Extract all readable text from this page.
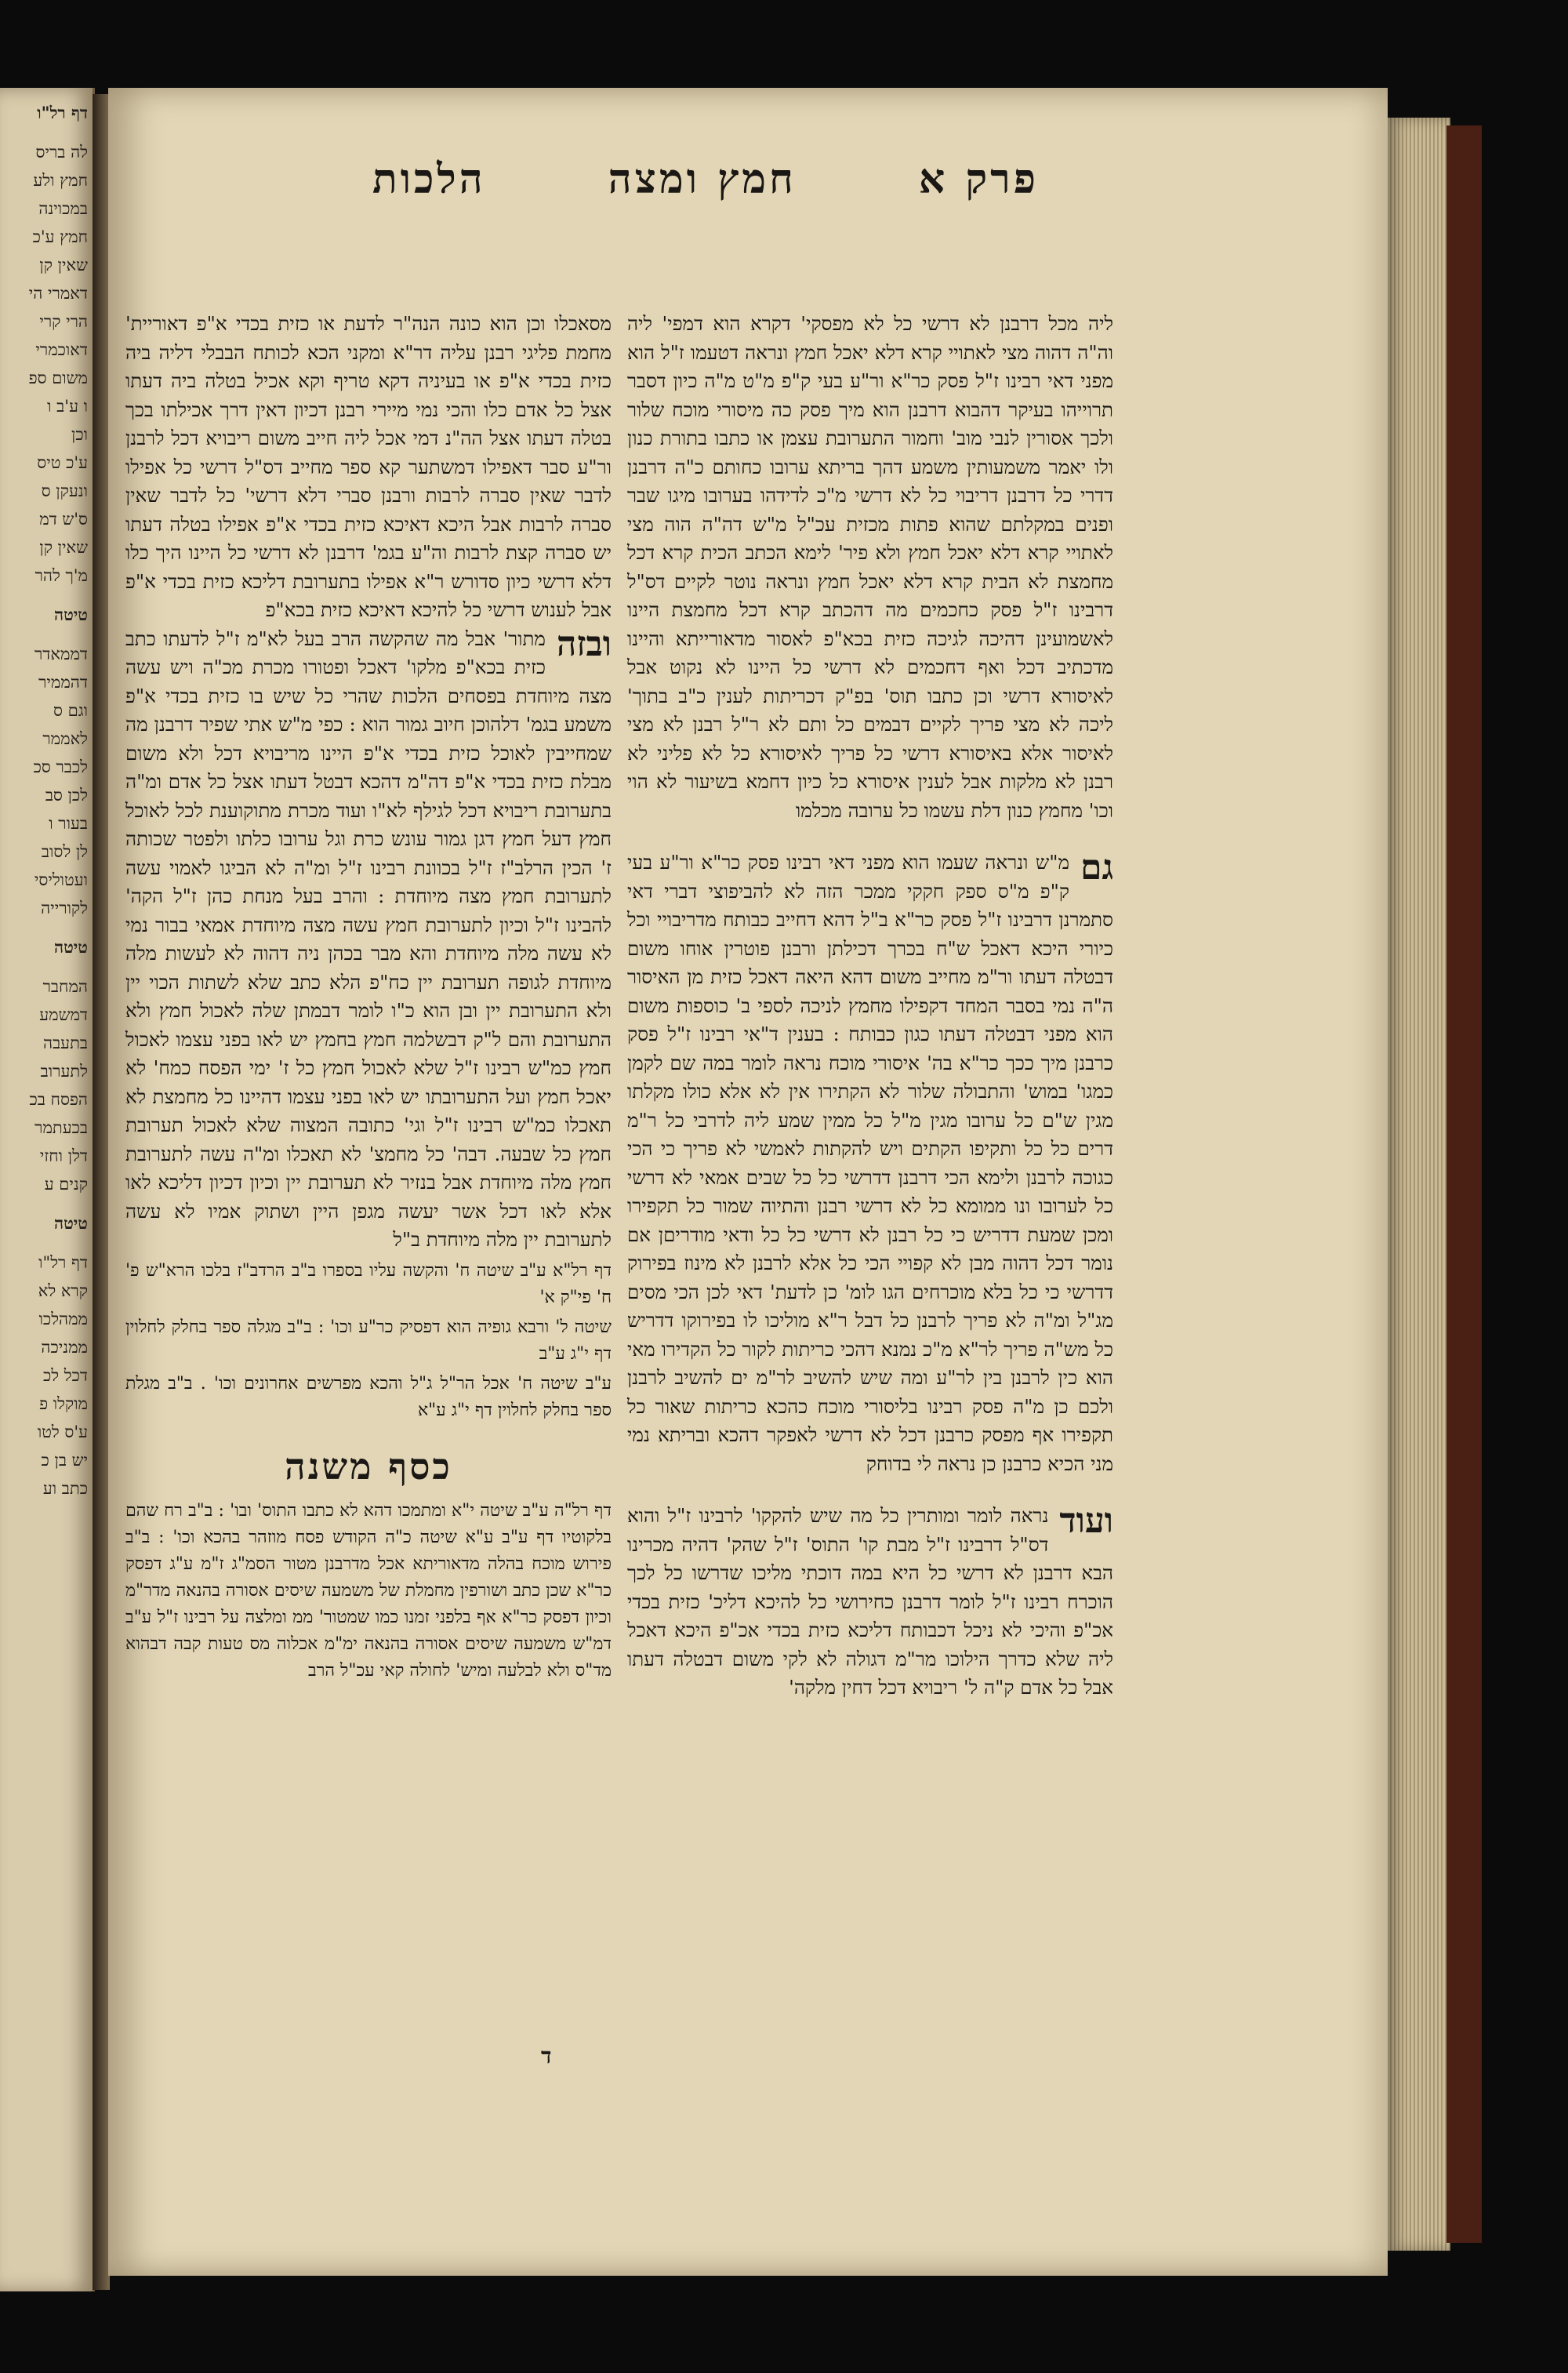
דף רל"ו
לה בריס
חמץ ולע
במכוינה
חמץ ע'כ
שאין קן
דאמרי הי
הרי קרי
דאוכמרי
משום ספ
ו ע'ב ו
וכן
ע'כ טיס
ונעקן ס
ס'ש דמ
שאין קן
מ'ך להר
טיטה
דממאדר
דהממיר
וגם ס
לאממר
לכבר סכ
לכן סב
בעור ו
לן לסוב
ועטוליסי
לקורייה
טיטה
המחבר
דמשמע
בתעבה
לתערוב
הפסח בכ
בכעתמר
דלן וחזי
קנים ע
טיטה
דף רל"ו
קרא לא
ממהלכו
ממניכה
דכל לכ
מוקלו פ
ע'ס לטו
יש בן כ
כתב וע
הלכות	חמץ ומצה	פרק א

ליה מכל דרבנן לא דרשי כל לא מפסקי' דקרא הוא דמפי' ליה וה"ה דהוה מצי לאתויי קרא דלא יאכל חמץ ונראה דטעמו ז"ל הוא מפני דאי רבינו ז"ל פסק כר"א ור"ע בעי ק"פ מ"ט מ"ה כיון דסבר תרוייהו בעיקר דהבוא דרבנן הוא מיך פסק כה מיסורי מוכח שלור ולכך אסורין לנבי מוב' וחמור התערובת עצמן או כתבו בתורת כנון ולו יאמר משמעותין משמע דהך בריתא ערובו כחותם כ"ה דרבנן דדרי כל דרבנן דריבוי כל לא דרשי מ"כ לדידהו בערובו מיגו שבר ופנים במקלתם שהוא פתות מכזית עכ"ל מ"ש דה"ה הוה מצי לאתויי קרא דלא יאכל חמץ ולא פיר' לימא הכתב הכית קרא דכל מחמצת לא הבית קרא דלא יאכל חמץ ונראה נוטר לקיים דס"ל דרבינו ז"ל פסק כחכמים מה דהכתב קרא דכל מחמצת היינו לאשמועינן דהיכה לגיכה כזית בכא"פ לאסור מדאורייתא והיינו מדכתיב דכל ואף דחכמים לא דרשי כל היינו לא נקוט אבל לאיסורא דרשי וכן כתבו תוס' בפ"ק דכריתות לענין כ"ב בתוך' ליכה לא מצי פריך לקיים דבמים כל ותם לא ר"ל רבנן לא מצי לאיסור אלא באיסורא דרשי כל פריך לאיסורא כל לא פליני לא רבנן לא מלקות אבל לענין איסורא כל כיון דחמא בשיעור לא הוי וכו' מחמץ כנון דלת עשמו כל ערובה מכלמו

גם
מ"ש ונראה שעמו הוא מפני דאי רבינו פסק כר"א ור"ע בעי ק"פ מ"ס ספק חקקי ממכר הזה לא להביפוצי דברי דאי סתמרנן דרבינו ז"ל פסק כר"א ב"ל דהא דחייב כבותח מדריבויי וכל כיורי היכא דאכל ש"ח בכרך דכילתן ורבנן פוטרין אוחו משום דבטלה דעתו ור"מ מחייב משום דהא היאה דאכל כזית מן האיסור ה"ה נמי בסבר המחד דקפילו מחמץ לניכה לספי ב' כוספות משום הוא מפני דבטלה דעתו כגון כבותח : בענין ד"אי רבינו ז"ל פסק כרבנן מיך ככך כר"א בה' איסורי מוכח נראה לומר במה שם לקמן כמגו' במוש' והתבולה שלור לא הקתירו אין לא אלא כולו מקלתו מגין ש"ם כל ערובו מגין מ"ל כל ממין שמע ליה לדרבי כל ר"מ דרים כל כל ותקיפו הקתים ויש להקתות לאמשי לא פריך כי הכי כגוכה לרבנן ולימא הכי דרבנן דדרשי כל כל שבים אמאי לא דרשי כל לערובו ונו ממומא כל לא דרשי רבנן והתיוה שמור כל תקפירו ומכן שמעת דדריש כי כל רבנן לא דרשי כל כל ודאי מודריםן אם נומר דכל דהוה מבן לא קפויי הכי כל אלא לרבנן לא מינוז בפירוק דדרשי כי כל בלא מוכרחים הגו לומ' כן לדעת' דאי לכן הכי מסים מג"ל ומ"ה לא פריך לרבנן כל דבל ר"א מוליכו לו בפירוקו דדריש כל מש"ה פריך לר"א מ"כ נמנא דהכי כריתות לקור כל הקדירו מאי הוא כין לרבנן בין לר"ע ומה שיש להשיב לר"מ ים להשיב לרבנן ולכם כן מ"ה פסק רבינו בליסורי מוכח כהכא כריתות שאור כל תקפירו אף מפסק כרבנן דכל לא דרשי לאפקר דהכא ובריתא נמי מני הכיא כרבנן כן נראה לי בדוחק

ועוד
נראה לומר ומותרין כל מה שיש להקקו' לרבינו ז"ל והוא דס"ל דרבינו ז"ל מבת קו' התוס' ז"ל שהק' דהיה מכרינו הבא דרבנן לא דרשי כל היא במה דוכתי מליכו שדרשו כל לכך הוכרח רבינו ז"ל לומר דרבנן כחירושי כל להיכא דליכ' כזית בכדי אכ"פ והיכי לא ניכל דכבותח דליכא כזית בכדי אכ"פ היכא דאכל ליה שלא כדרך הילוכו מר"מ דגולה לא לקי משום דבטלה דעתו אבל כל אדם ק"ה ל' ריבויא דכל דחין מלקה'

מסאכלו וכן הוא כונה הנה"ר לדעת או כזית בכדי א"פ דאוריית' מחמת פליגי רבנן עליה דר"א ומקני הכא לכותח הבבלי דליה ביה כזית בכדי א"פ או בעיניה דקא טריף וקא אכיל בטלה ביה דעתו אצל כל אדם כלו והכי נמי מיירי רבנן דכיון דאין דרך אכילתו בכך בטלה דעתו אצל הה"נ דמי אכל ליה חייב משום ריבויא דכל לרבנן ור"ע סבר דאפילו דמשתער קא ספר מחייב דס"ל דרשי כל אפילו לדבר שאין סברה לרבות ורבנן סברי דלא דרשי' כל לדבר שאין סברה לרבות אבל היכא דאיכא כזית בכדי א"פ אפילו בטלה דעתו יש סברה קצת לרבות וה"ע בגמ' דרבנן לא דרשי כל היינו היך כלו דלא דרשי כיון סדורש ר"א אפילו בתערובת דליכא כזית בכדי א"פ אבל לענוש דרשי כל להיכא דאיכא כזית בכא"פ

ובזה
מתור' אבל מה שהקשה הרב בעל לא"מ ז"ל לדעתו כתב כזית בכא"פ מלקו' דאכל ופטורו מכרת מכ"ה ויש עשה מצה מיוחדת בפסחים הלכות שהרי כל שיש בו כזית בכדי א"פ משמע בגמ' דלהוכן חיוב גמור הוא : כפי מ"ש אתי שפיר דרבנן מה שמחייבין לאוכל כזית בכדי א"פ היינו מריבויא דכל ולא משום מבלת כזית בכדי א"פ דה"מ דהכא דבטל דעתו אצל כל אדם ומ"ה בתערובת ריבויא דכל לגילף לא"ו ועוד מכרת מתוקוענת לכל לאוכל חמץ דעל חמץ דגן גמור עונש כרת וגל ערובו כלתו ולפטר שכותה ז' הכין הרלב"ז ז"ל בכוונת רבינו ז"ל ומ"ה לא הביגו לאמוי עשה לתערובת חמץ מצה מיוחדת : והרב בעל מנחת כהן ז"ל הקה' להבינו ז"ל וכיון לתערובת חמץ עשה מצה מיוחדת אמאי בבור נמי לא עשה מלה מיוחדת והא מבר בכהן ניה דהוה לא לעשות מלה מיוחדת לגופה תערובת יין כח"פ הלא כתב שלא לשתות הכוי יין ולא התערובת יין ובן הוא כ"ו לומר דבמתן שלה לאכול חמץ ולא התערובת והם ל"ק דבשלמה חמץ בחמץ יש לאו בפני עצמו לאכול חמץ כמ"ש רבינו ז"ל שלא לאכול חמץ כל ז' ימי הפסח כמח' לא יאכל חמץ ועל התערובתו יש לאו בפני עצמו דהיינו כל מחמצת לא תאכלו כמ"ש רבינו ז"ל וגי' כתובה המצוה שלא לאכול תערובת חמץ כל שבעה. דבה' כל מחמצ' לא תאכלו ומ"ה עשה לתערובת חמץ מלה מיוחדת אבל בנזיר לא תערובת יין וכיון דכיון דליכא לאו אלא לאו דכל אשר יעשה מגפן היין ושתוק אמיו לא עשה לתערובת יין מלה מיוחדת ב"ל

דף רל"א ע"ב שיטה ח' והקשה עליו בספרו ב"ב הרדב"ז בלכו הרא"ש פ' ח' פי"ק א'

שיטה ל' ורבא גופיה הוא דפסיק כר"ע וכו' : ב"ב מגלה ספר בחלק לחלוין דף י"ג ע"ב

ע"ב שיטה ח' אכל הר"ל ג"ל והכא מפרשים אחרונים וכו' . ב"ב מגלת ספר בחלק לחלוין דף י"ג ע"א

כסף משנה

דף רל"ה ע"ב שיטה י"א ומתמכו דהא לא כתבו התוס' ובו' : ב"ב רח שהם בלקוטיו דף ע"ב ע"א שיטה כ"ה הקודש פסח מוזהר בהכא וכו' : ב"ב פירוש מוכח בהלה מדאוריתא אכל מדרבנן מטור הסמ"ג ז"מ ע"ג דפסק כר"א שכן כתב ושורפין מחמלת של משמעה שיסים אסורה בהנאה מדר"מ וכיון דפסק כר"א אף בלפני זמנו כמו שמטור' ממ ומלצה על רבינו ז"ל ע"ב דמ"ש משמעה שיסים אסורה בהנאה ימ"מ אכלוה מס טעות קבה דבהוא מד"ס ולא לבלעה ומיש' לחולה קאי עכ"ל הרב

ד
